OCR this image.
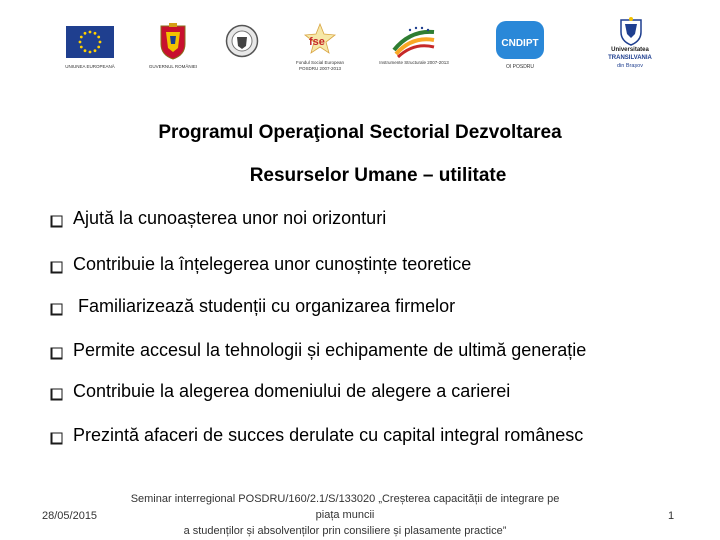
UNIUNEA EUROPEANĂ	GUVERNUL ROMÂNIEI
fse
Fondul Social European POSDRU 2007-2013
Instrumente Structurale 2007-2013
CNDIPT
OI POSDRU
Universitatea
TRANSILVANIA
din Brașov
Programul Operaţional Sectorial Dezvoltarea
Resurselor Umane – utilitate
Ajută la cunoașterea unor noi orizonturi
Contribuie la înțelegerea unor cunoștințe teoretice
Familiarizează studenții cu organizarea firmelor
Permite accesul la tehnologii și echipamente de ultimă generație
Contribuie la alegerea domeniului de alegere a carierei
Prezintă afaceri de succes derulate cu capital integral românesc
28/05/2015
Seminar interregional POSDRU/160/2.1/S/133020 „Creșterea capacității de integrare pe piața muncii
a studenților și absolvenților prin consiliere și plasamente practice”
1
